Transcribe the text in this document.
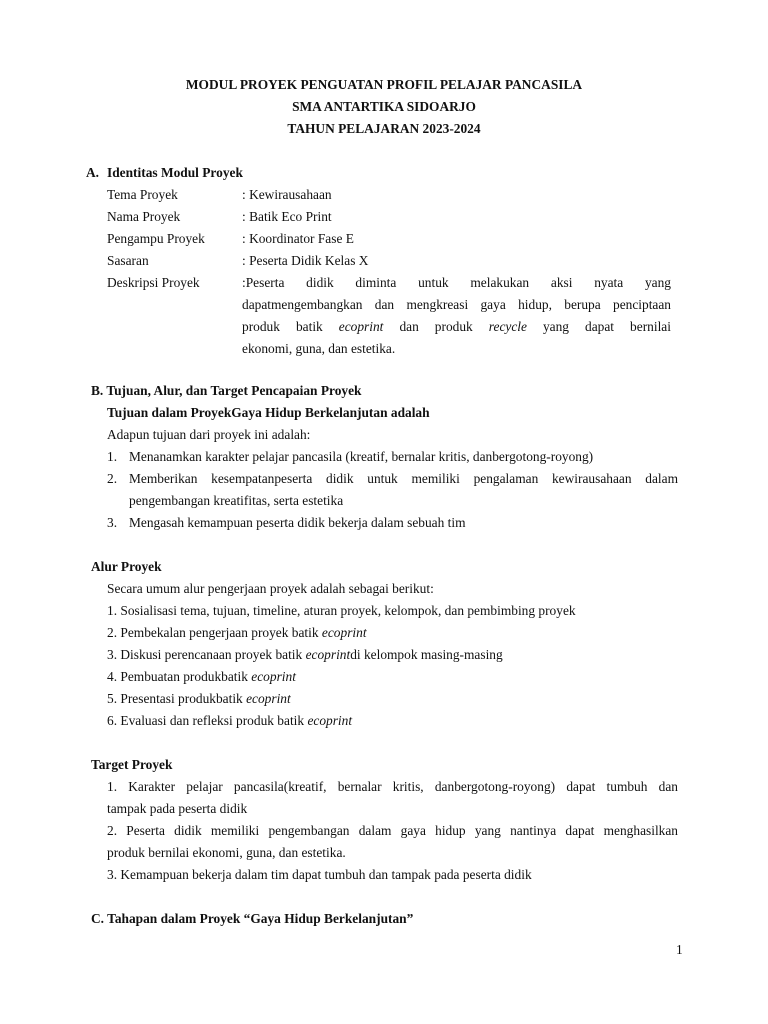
MODUL PROYEK PENGUATAN PROFIL PELAJAR PANCASILA
SMA ANTARTIKA SIDOARJO
TAHUN PELAJARAN 2023-2024
A. Identitas Modul Proyek
Tema Proyek	: Kewirausahaan
Nama Proyek	: Batik Eco Print
Pengampu Proyek	: Koordinator Fase E
Sasaran	: Peserta Didik Kelas X
Deskripsi Proyek	:Peserta didik diminta untuk melakukan aksi nyata yang
dapatmengembangkan dan mengkreasi gaya hidup, berupa penciptaan
produk batik ecoprint dan produk recycle yang dapat bernilai
ekonomi, guna, dan estetika.
B. Tujuan, Alur, dan Target Pencapaian Proyek
Tujuan dalam ProyekGaya Hidup Berkelanjutan adalah
Adapun tujuan dari proyek ini adalah:
1. Menanamkan karakter pelajar pancasila (kreatif, bernalar kritis, danbergotong-royong)
2. Memberikan kesempatanpeserta didik untuk memiliki pengalaman kewirausahaan dalam
pengembangan kreatifitas, serta estetika
3. Mengasah kemampuan peserta didik bekerja dalam sebuah tim
Alur Proyek
Secara umum alur pengerjaan proyek adalah sebagai berikut:
1. Sosialisasi tema, tujuan, timeline, aturan proyek, kelompok, dan pembimbing proyek
2. Pembekalan pengerjaan proyek batik ecoprint
3. Diskusi perencanaan proyek batik ecoprintdi kelompok masing-masing
4. Pembuatan produkbatik ecoprint
5. Presentasi produkbatik ecoprint
6. Evaluasi dan refleksi produk batik ecoprint
Target Proyek
1. Karakter pelajar pancasila(kreatif, bernalar kritis, danbergotong-royong) dapat tumbuh dan
tampak pada peserta didik
2. Peserta didik memiliki pengembangan dalam gaya hidup yang nantinya dapat menghasilkan
produk bernilai ekonomi, guna, dan estetika.
3. Kemampuan bekerja dalam tim dapat tumbuh dan tampak pada peserta didik
C. Tahapan dalam Proyek “Gaya Hidup Berkelanjutan”
1
